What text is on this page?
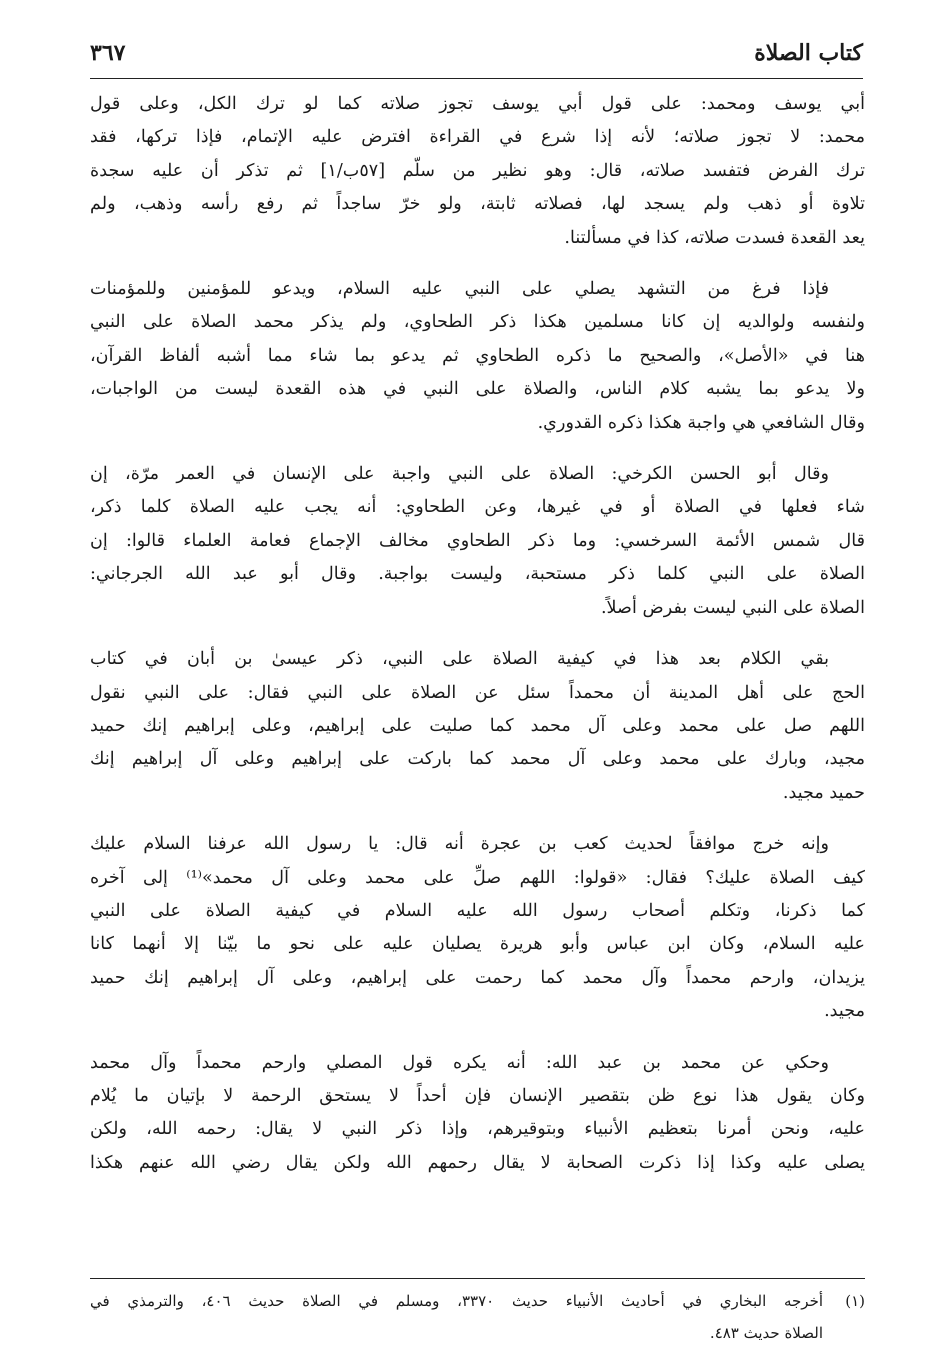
كتاب الصلاة
٣٦٧

أبي يوسف ومحمد: على قول أبي يوسف تجوز صلاته كما لو ترك الكل، وعلى قول
محمد: لا تجوز صلاته؛ لأنه إذا شرع في القراءة افترض عليه الإتمام، فإذا تركها، فقد
ترك الفرض فتفسد صلاته، قال: وهو نظير من سلّم [٥٧ب/١] ثم تذكر أن عليه سجدة
تلاوة أو ذهب ولم يسجد لها، فصلاته ثابتة، ولو خرّ ساجداً ثم رفع رأسه وذهب، ولم
يعد القعدة فسدت صلاته، كذا في مسألتنا.

فإذا فرغ من التشهد يصلي على النبي عليه السلام، ويدعو للمؤمنين وللمؤمنات
ولنفسه ولوالديه إن كانا مسلمين هكذا ذكر الطحاوي، ولم يذكر محمد الصلاة على النبي
هنا في «الأصل»، والصحيح ما ذكره الطحاوي ثم يدعو بما شاء مما أشبه ألفاظ القرآن،
ولا يدعو بما يشبه كلام الناس، والصلاة على النبي في هذه القعدة ليست من الواجبات،
وقال الشافعي هي واجبة هكذا ذكره القدوري.

وقال أبو الحسن الكرخي: الصلاة على النبي واجبة على الإنسان في العمر مرّة، إن
شاء فعلها في الصلاة أو في غيرها، وعن الطحاوي: أنه يجب عليه الصلاة كلما ذكر،
قال شمس الأئمة السرخسي: وما ذكر الطحاوي مخالف الإجماع فعامة العلماء قالوا: إن
الصلاة على النبي كلما ذكر مستحبة، وليست بواجبة. وقال أبو عبد الله الجرجاني:
الصلاة على النبي ليست بفرض أصلاً.

بقي الكلام بعد هذا في كيفية الصلاة على النبي، ذكر عيسىٰ بن أبان في كتاب
الحج على أهل المدينة أن محمداً سئل عن الصلاة على النبي فقال: على النبي نقول
اللهم صل على محمد وعلى آل محمد كما صليت على إبراهيم، وعلى إبراهيم إنك حميد
مجيد، وبارك على محمد وعلى آل محمد كما باركت على إبراهيم وعلى آل إبراهيم إنك
حميد مجيد.

وإنه خرج موافقاً لحديث كعب بن عجرة أنه قال: يا رسول الله عرفنا السلام عليك
كيف الصلاة عليك؟ فقال: «قولوا: اللهم صلِّ على محمد وعلى آل محمد»⁽¹⁾ إلى آخره
كما ذكرنا، وتكلم أصحاب رسول الله عليه السلام في كيفية الصلاة على النبي
عليه السلام، وكان ابن عباس وأبو هريرة يصليان عليه على نحو ما بيّنا إلا أنهما كانا
يزيدان، وارحم محمداً وآل محمد كما رحمت على إبراهيم، وعلى آل إبراهيم إنك حميد
مجيد.

وحكي عن محمد بن عبد الله: أنه يكره قول المصلي وارحم محمداً وآل محمد
وكان يقول هذا نوع ظن بتقصير الإنسان فإن أحداً لا يستحق الرحمة لا بإتيان ما يُلام
عليه، ونحن أمرنا بتعظيم الأنبياء وبتوقيرهم، وإذا ذكر النبي لا يقال: رحمه الله، ولكن
يصلى عليه وكذا إذا ذكرت الصحابة لا يقال رحمهم الله ولكن يقال رضي الله عنهم هكذا

(١)
أخرجه البخاري في أحاديث الأنبياء حديث ٣٣٧٠، ومسلم في الصلاة حديث ٤٠٦، والترمذي في
الصلاة حديث ٤٨٣.
